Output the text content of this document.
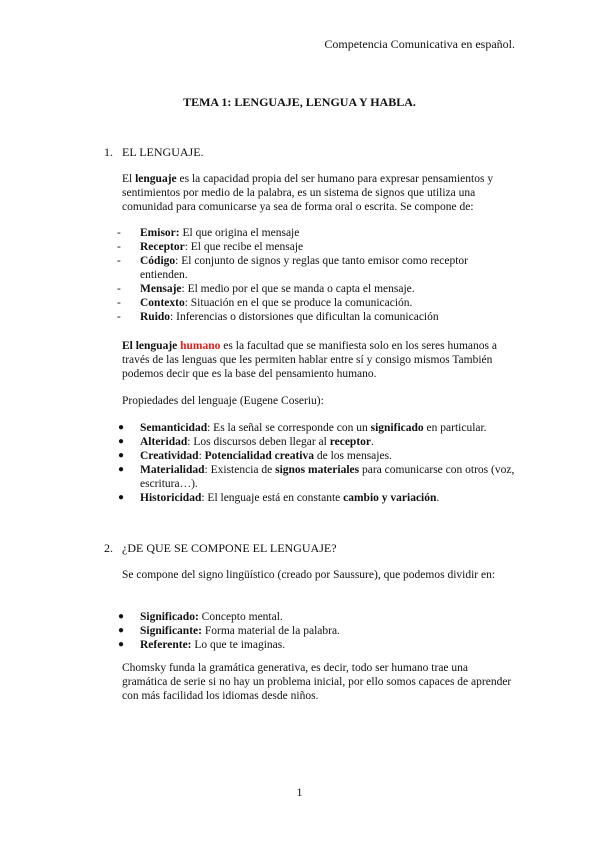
Competencia Comunicativa en español.
TEMA 1: LENGUAJE, LENGUA Y HABLA.
1. EL LENGUAJE.

El lenguaje es la capacidad propia del ser humano para expresar pensamientos y sentimientos por medio de la palabra, es un sistema de signos que utiliza una comunidad para comunicarse ya sea de forma oral o escrita. Se compone de:

- Emisor: El que origina el mensaje
- Receptor: El que recibe el mensaje
- Código: El conjunto de signos y reglas que tanto emisor como receptor entienden.
- Mensaje: El medio por el que se manda o capta el mensaje.
- Contexto: Situación en el que se produce la comunicación.
- Ruido: Inferencias o distorsiones que dificultan la comunicación

El lenguaje humano es la facultad que se manifiesta solo en los seres humanos a través de las lenguas que les permiten hablar entre sí y consigo mismos También podemos decir que es la base del pensamiento humano.

Propiedades del lenguaje (Eugene Coseriu):

● Semanticidad: Es la señal se corresponde con un significado en particular.
● Alteridad: Los discursos deben llegar al receptor.
● Creatividad: Potencialidad creativa de los mensajes.
● Materialidad: Existencia de signos materiales para comunicarse con otros (voz, escritura…).
● Historicidad: El lenguaje está en constante cambio y variación.
2. ¿DE QUE SE COMPONE EL LENGUAJE?

Se compone del signo lingüístico (creado por Saussure), que podemos dividir en:

● Significado: Concepto mental.
● Significante: Forma material de la palabra.
● Referente: Lo que te imaginas.

Chomsky funda la gramática generativa, es decir, todo ser humano trae una gramática de serie si no hay un problema inicial, por ello somos capaces de aprender con más facilidad los idiomas desde niños.

1
